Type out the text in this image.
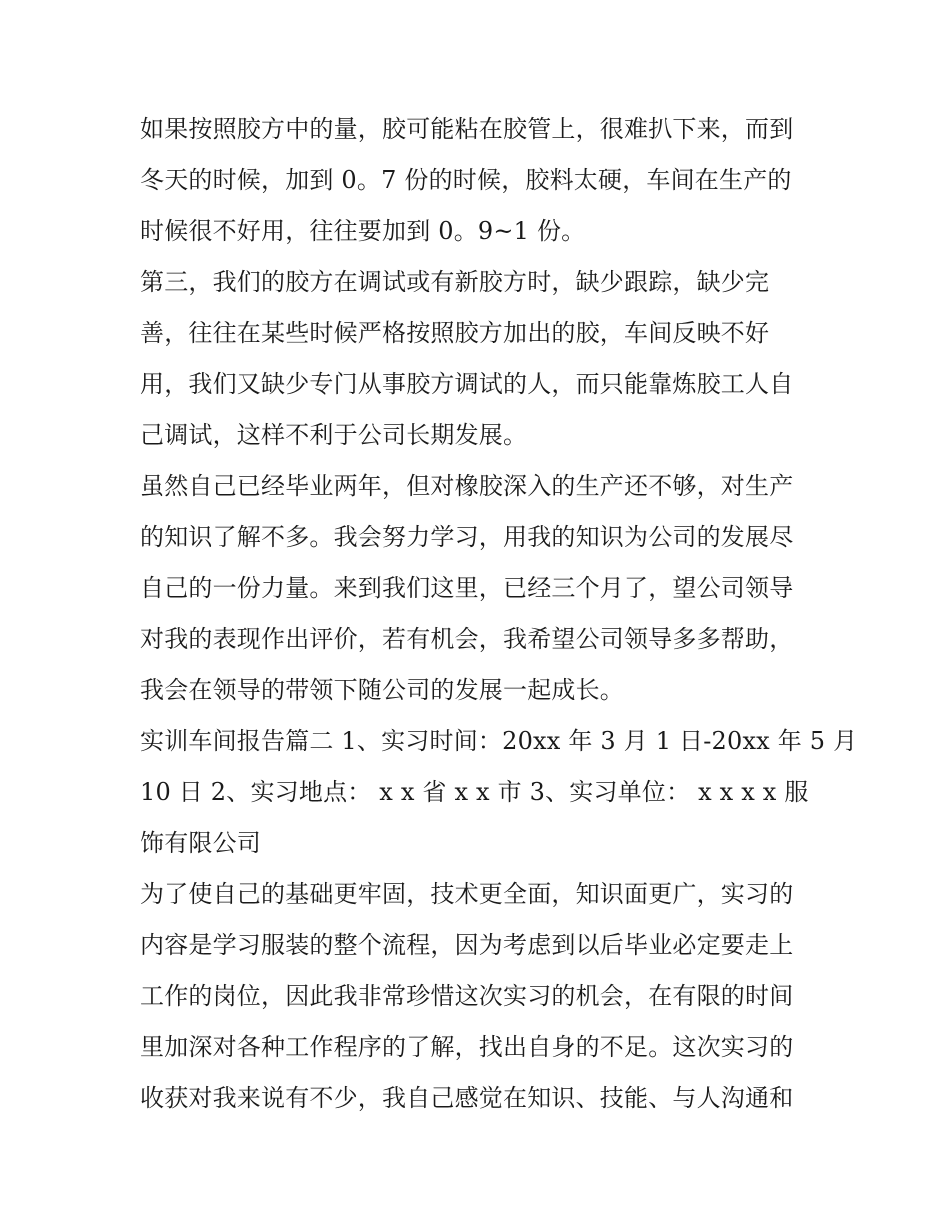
如果按照胶方中的量，胶可能粘在胶管上，很难扒下来，而到
冬天的时候，加到 0。7 份的时候，胶料太硬，车间在生产的
时候很不好用，往往要加到 0。9~1 份。
第三，我们的胶方在调试或有新胶方时，缺少跟踪，缺少完
善，往往在某些时候严格按照胶方加出的胶，车间反映不好
用，我们又缺少专门从事胶方调试的人，而只能靠炼胶工人自
己调试，这样不利于公司长期发展。
虽然自己已经毕业两年，但对橡胶深入的生产还不够，对生产
的知识了解不多。我会努力学习，用我的知识为公司的发展尽
自己的一份力量。来到我们这里，已经三个月了，望公司领导
对我的表现作出评价，若有机会，我希望公司领导多多帮助，
我会在领导的带领下随公司的发展一起成长。
实训车间报告篇二 1、实习时间：20xx 年 3 月 1 日-20xx 年 5 月
10 日 2、实习地点： x x 省 x x 市 3、实习单位： x x x x 服
饰有限公司
为了使自己的基础更牢固，技术更全面，知识面更广，实习的
内容是学习服装的整个流程，因为考虑到以后毕业必定要走上
工作的岗位，因此我非常珍惜这次实习的机会，在有限的时间
里加深对各种工作程序的了解，找出自身的不足。这次实习的
收获对我来说有不少，我自己感觉在知识、技能、与人沟通和
